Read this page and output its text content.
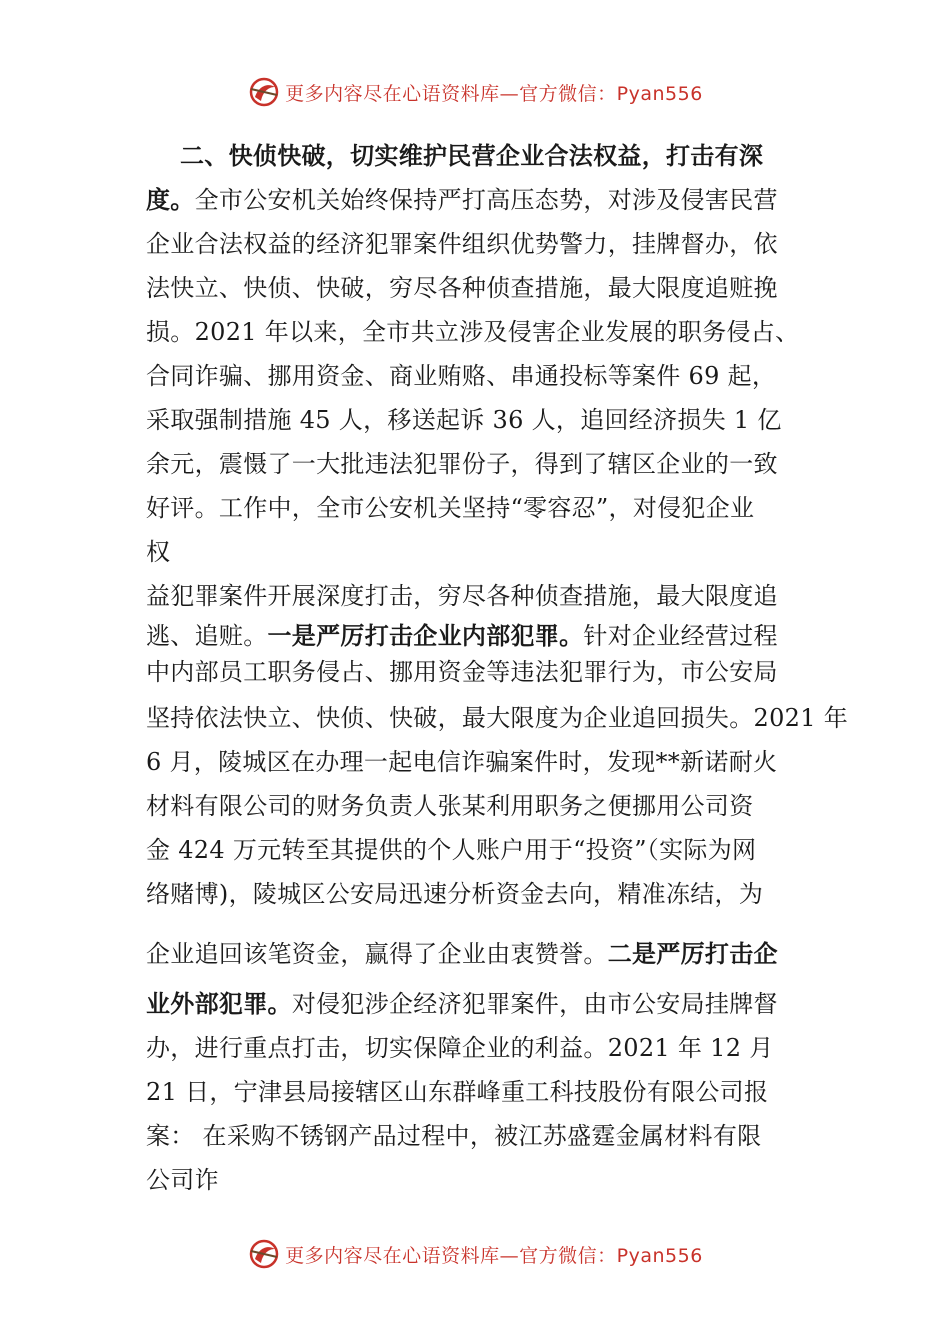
更多内容尽在心语资料库—官方微信：Pyan556
二、快侦快破，切实维护民营企业合法权益，打击有深
度。全市公安机关始终保持严打高压态势，对涉及侵害民营
企业合法权益的经济犯罪案件组织优势警力，挂牌督办，依
法快立、快侦、快破，穷尽各种侦查措施，最大限度追赃挽
损。2021 年以来，全市共立涉及侵害企业发展的职务侵占、
合同诈骗、挪用资金、商业贿赂、串通投标等案件 69 起，
采取强制措施 45 人，移送起诉 36 人，追回经济损失 1 亿
余元，震慑了一大批违法犯罪份子，得到了辖区企业的一致
好评。工作中，全市公安机关坚持“零容忍”，对侵犯企业
权
益犯罪案件开展深度打击，穷尽各种侦查措施，最大限度追
逃、追赃。一是严厉打击企业内部犯罪。针对企业经营过程
中内部员工职务侵占、挪用资金等违法犯罪行为，市公安局
坚持依法快立、快侦、快破，最大限度为企业追回损失。2021 年
6 月，陵城区在办理一起电信诈骗案件时，发现**新诺耐火
材料有限公司的财务负责人张某利用职务之便挪用公司资
金 424 万元转至其提供的个人账户用于“投资”（实际为网
络赌博)，陵城区公安局迅速分析资金去向，精准冻结，为
企业追回该笔资金，赢得了企业由衷赞誉。二是严厉打击企
业外部犯罪。对侵犯涉企经济犯罪案件，由市公安局挂牌督
办，进行重点打击，切实保障企业的利益。2021 年 12 月
21 日，宁津县局接辖区山东群峰重工科技股份有限公司报
案： 在采购不锈钢产品过程中，被江苏盛霆金属材料有限
公司诈
更多内容尽在心语资料库—官方微信：Pyan556
